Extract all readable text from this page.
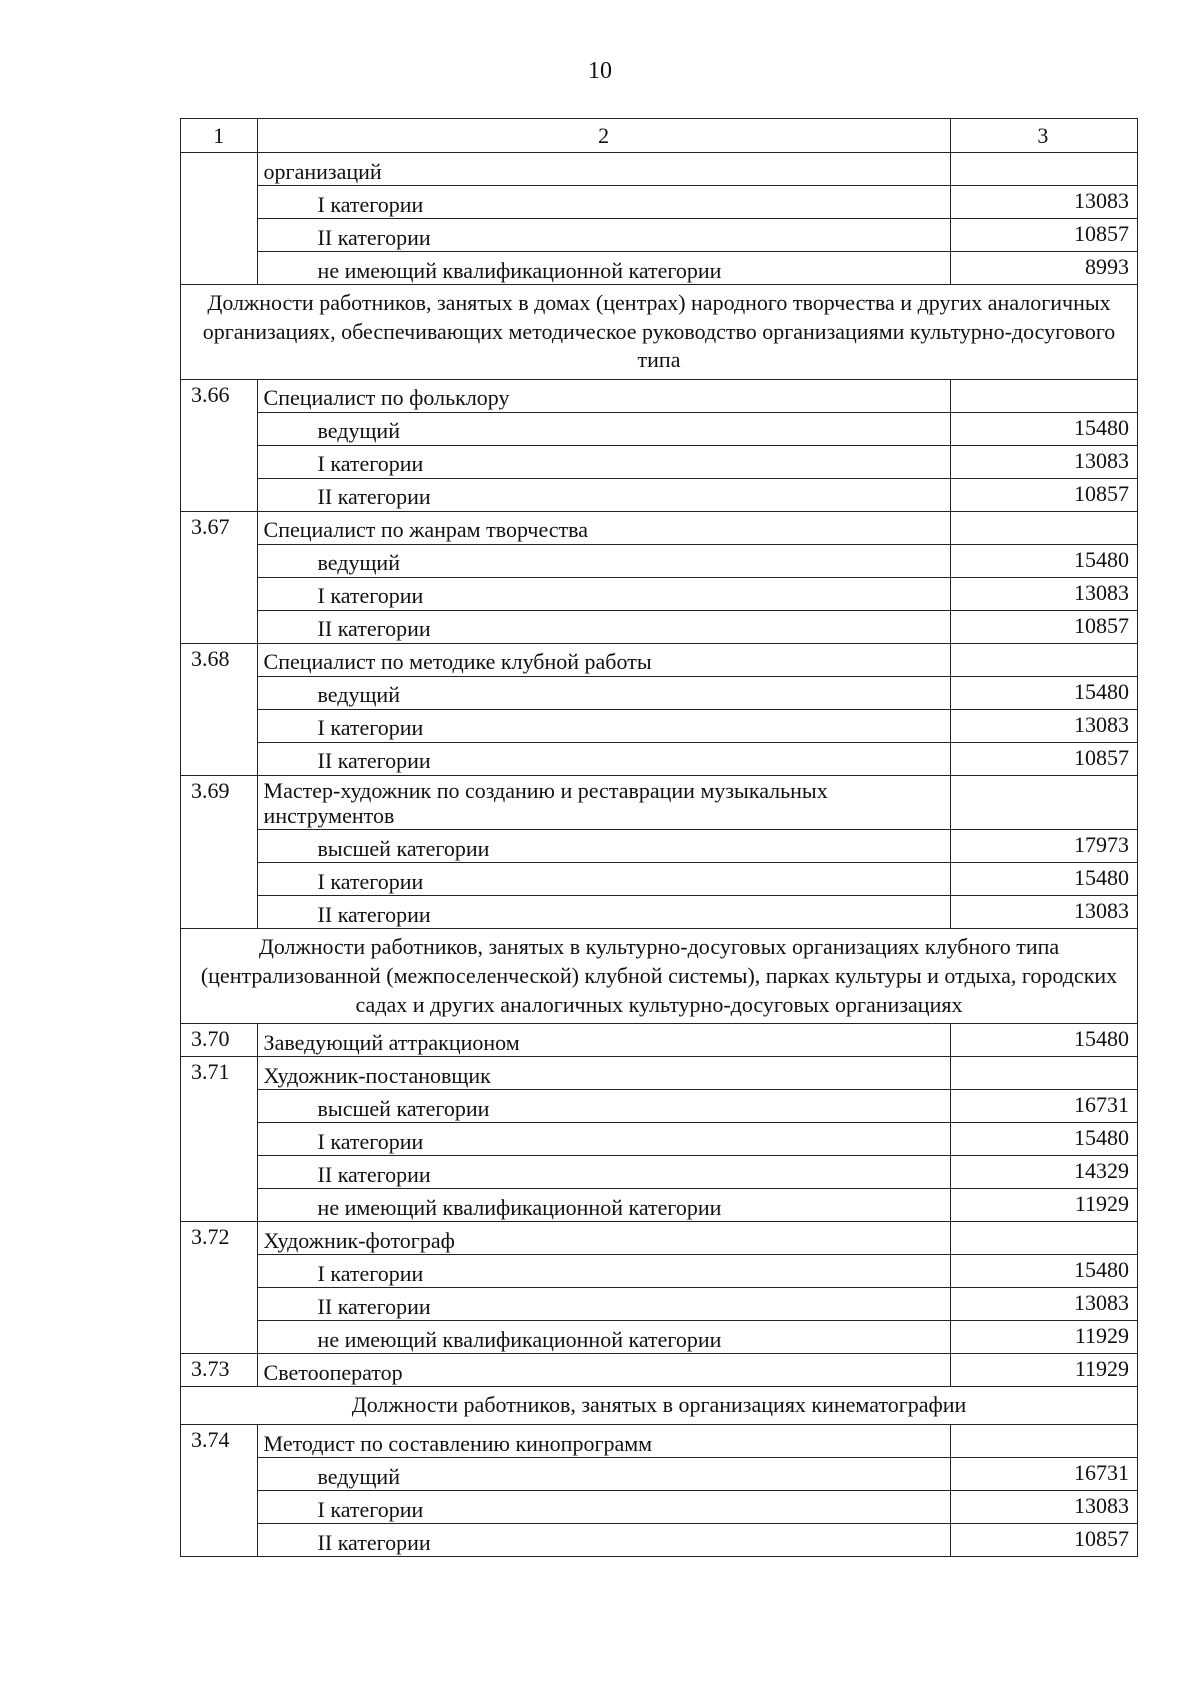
10
1	2	3
	организаций	
	I категории	13083
	II категории	10857
	не имеющий квалификационной категории	8993
Должности работников, занятых в домах (центрах) народного творчества и других аналогичных организациях, обеспечивающих методическое руководство организациями культурно-досугового типа		
3.66	Специалист по фольклору	
	ведущий	15480
	I категории	13083
	II категории	10857
3.67	Специалист по жанрам творчества	
	ведущий	15480
	I категории	13083
	II категории	10857
3.68	Специалист по методике клубной работы	
	ведущий	15480
	I категории	13083
	II категории	10857
3.69	Мастер-художник по созданию и реставрации музыкальных инструментов	
	высшей категории	17973
	I категории	15480
	II категории	13083
Должности работников, занятых в культурно-досуговых организациях клубного типа (централизованной (межпоселенческой) клубной системы), парках культуры и отдыха, городских садах и других аналогичных культурно-досуговых организациях		
3.70	Заведующий аттракционом	15480
3.71	Художник-постановщик	
	высшей категории	16731
	I категории	15480
	II категории	14329
	не имеющий квалификационной категории	11929
3.72	Художник-фотограф	
	I категории	15480
	II категории	13083
	не имеющий квалификационной категории	11929
3.73	Светооператор	11929
Должности работников, занятых в организациях кинематографии		
3.74	Методист по составлению кинопрограмм	
	ведущий	16731
	I категории	13083
	II категории	10857
